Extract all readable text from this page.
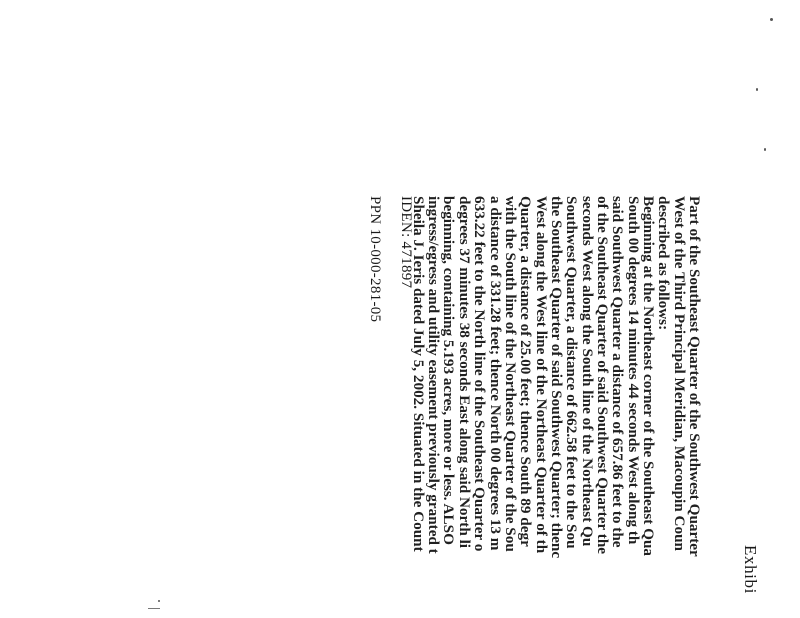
Exhibi
Part of the Southeast Quarter of the Southwest Quarter
West of the Third Principal Meridian, Macoupin Coun
described as follows:
Beginning at the Northeast corner of the Southeast Qua
South 00 degrees 14 minutes 44 seconds West along th
said Southwest Quarter a distance of 657.86 feet to the
of the Southeast Quarter of said Southwest Quarter the
seconds West along the South line of the Northeast Qu
Southwest Quarter, a distance of 662.58 feet to the Sou
the Southeast Quarter of said Southwest Quarter; thenc
West along the West line of the Northeast Quarter of th
Quarter, a distance of 25.00 feet; thence South 89 degr
with the South line of the Northeast Quarter of the Sou
a distance of 331.28 feet; thence North 00 degrees 13 m
633.22 feet to the North line of the Southeast Quarter o
degrees 37 minutes 38 seconds East along said North li
beginning, containing 5.193 acres, more or less. ALSO
ingress/egress and utility easement previously granted t
Sheila J. Ieris dated July 5, 2002. Situated in the Count
IDEN: 471897
PPN 10-000-281-05
